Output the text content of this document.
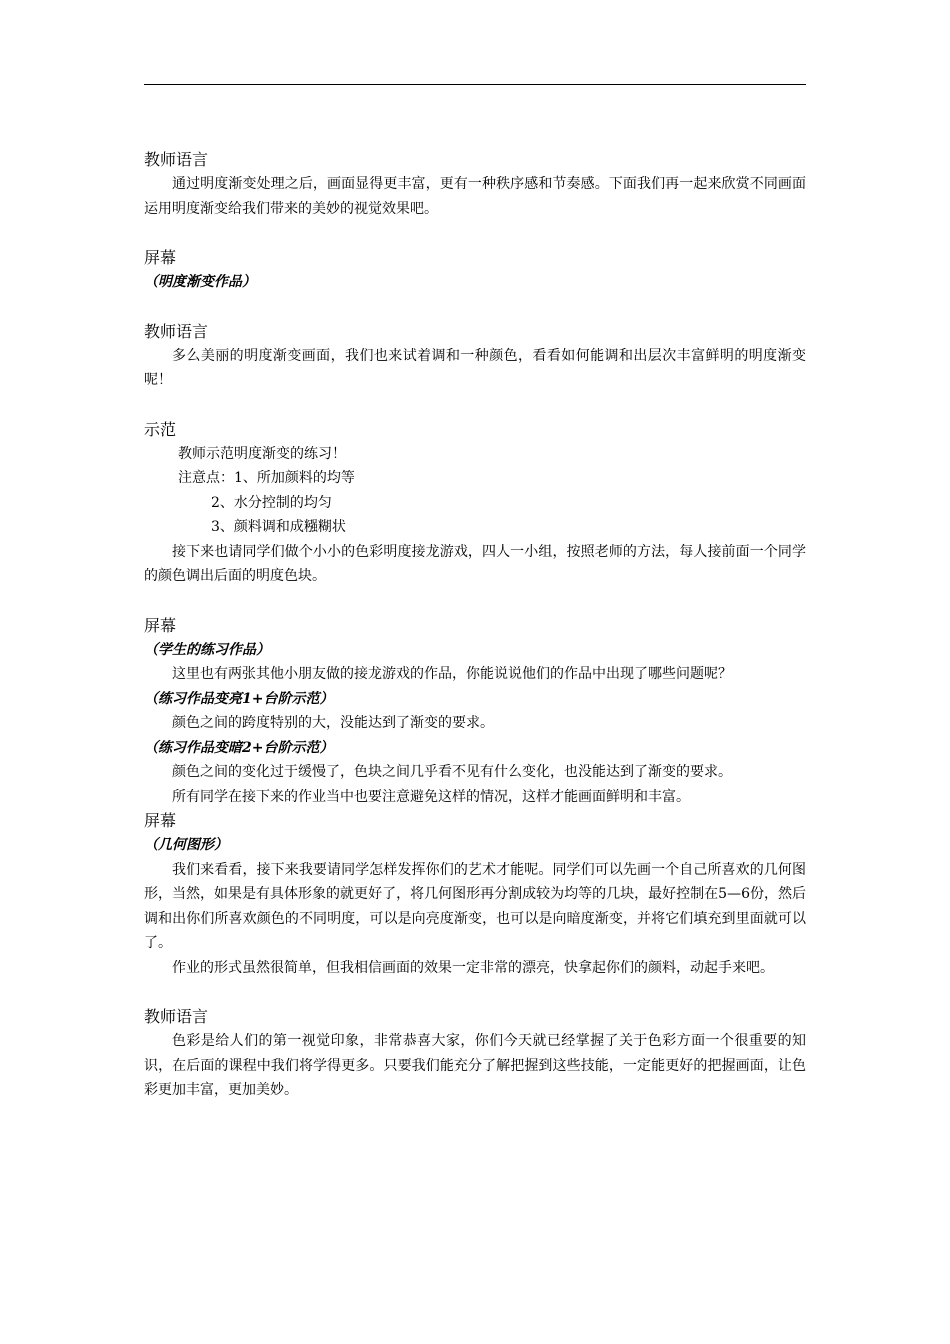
教师语言

通过明度渐变处理之后，画面显得更丰富，更有一种秩序感和节奏感。下面我们再一起来欣赏不同画面运用明度渐变给我们带来的美妙的视觉效果吧。

屏幕

（明度渐变作品）

教师语言

多么美丽的明度渐变画面，我们也来试着调和一种颜色，看看如何能调和出层次丰富鲜明的明度渐变呢！

示范

教师示范明度渐变的练习！

注意点：1、所加颜料的均等

2、水分控制的均匀

3、颜料调和成糨糊状

接下来也请同学们做个小小的色彩明度接龙游戏，四人一小组，按照老师的方法，每人接前面一个同学的颜色调出后面的明度色块。

屏幕

（学生的练习作品）

这里也有两张其他小朋友做的接龙游戏的作品，你能说说他们的作品中出现了哪些问题呢？

（练习作品变亮1+台阶示范）

颜色之间的跨度特别的大，没能达到了渐变的要求。

（练习作品变暗2+台阶示范）

颜色之间的变化过于缓慢了，色块之间几乎看不见有什么变化，也没能达到了渐变的要求。

所有同学在接下来的作业当中也要注意避免这样的情况，这样才能画面鲜明和丰富。

屏幕

（几何图形）

我们来看看，接下来我要请同学怎样发挥你们的艺术才能呢。同学们可以先画一个自己所喜欢的几何图形，当然，如果是有具体形象的就更好了，将几何图形再分割成较为均等的几块，最好控制在5—6份，然后调和出你们所喜欢颜色的不同明度，可以是向亮度渐变，也可以是向暗度渐变，并将它们填充到里面就可以了。

作业的形式虽然很简单，但我相信画面的效果一定非常的漂亮，快拿起你们的颜料，动起手来吧。

教师语言

色彩是给人们的第一视觉印象，非常恭喜大家，你们今天就已经掌握了关于色彩方面一个很重要的知识，在后面的课程中我们将学得更多。只要我们能充分了解把握到这些技能，一定能更好的把握画面，让色彩更加丰富，更加美妙。
